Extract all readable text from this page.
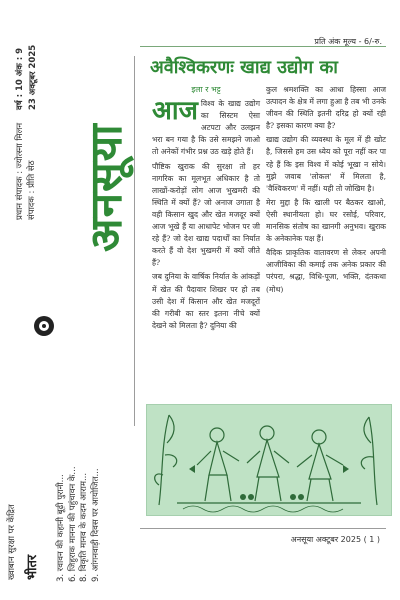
ख्वाबान सुरक्षा पर केंद्रित भीतर 3. रवावन की कहानी बूढ़ी पुरानी... 6. जिहुराक मानना की पहुंचावन के... 8. विकृति मानव के कदम आराम... 9. आंगनवाड़ी दिवस पर आयोजित...
अनसूया
प्रधान संपादक : ज्योत्स्ना मिलन संपादक : प्रीति सेठ
वर्ष : 10 अंक : 9 23 अक्टूबर 2025
प्रति अंक मूल्य - 6/-रु.
अवैश्विकरणः खाद्य उद्योग का
इला र भट्ट

आज विश्व के खाद्य उद्योग का सिस्टम ऐसा अटपटा और उलझन भरा बन गया है कि उसे समझने जाओ तो अनेकों गंभीर प्रश्न उठ खड़े होते हैं।

पौष्टिक खुराक की सुरक्षा तो हर नागरिक का मूलभूत अधिकार है तो लाखों-करोड़ों लोग आज भुखमरी की स्थिति में क्यों हैं? जो अनाज उगाता है वही किसान खुद और खेत मजदूर क्यों आज भूखे हैं या आधापेट भोजन पर जी रहे हैं? जो देश खाद्य पदार्थों का निर्यात करते हैं वो देश भुखमरी में क्यों जीते हैं?

जब दुनिया के वार्षिक निर्यात के आंकड़ों में खेत की पैदावार शिखर पर हो तब उसी देश में किसान और खेत मजदूरों की गरीबी का स्तर इतना नीचे क्यों देखने को मिलता है? दुनिया की

कुल श्रमशक्ति का आधा हिस्सा आज उत्पादन के क्षेत्र में लगा हुआ है तब भी उनके जीवन की स्थिति इतनी दरिद्र हो क्यों रही है? इसका कारण क्या है?

खाद्य उद्योग की व्यवस्था के मूल में ही खोट है, जिससे हम उस ध्येय को पूरा नहीं कर पा रहे हैं कि इस विश्व में कोई भूखा न सोये। मुझे जवाब 'लोकल' में मिलता है, 'वैश्विकरण' में नहीं। यही तो जोखिम है।

मेरा मुद्दा है कि खाली पर बैठकर खाओ, ऐसी स्थानीयता हो। घर रसोई, परिवार, मानसिक संतोष का खानगी अनुभव। खुराक के अनेकानेक पक्ष हैं।

वैदिक प्राकृतिक वातावरण से लेकर अपनी आजीविका की कमाई तक अनेक प्रकार की परंपरा, श्रद्धा, विधि-पूजा, भक्ति, दंतकथा (मोथ)

अनसूया अक्टूबर 2025 ( 1 )
